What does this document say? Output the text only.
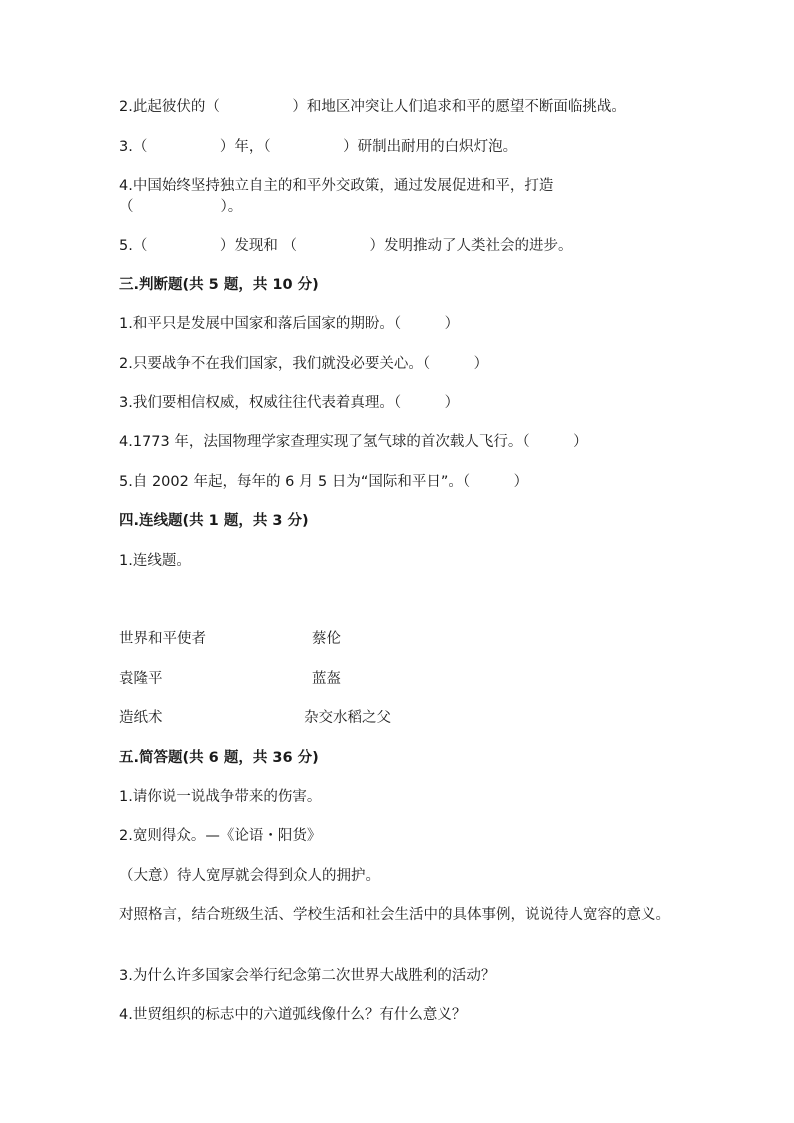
2.此起彼伏的（　　　　　）和地区冲突让人们追求和平的愿望不断面临挑战。
3.（　　　　　）年，（　　　　　）研制出耐用的白炽灯泡。
4.中国始终坚持独立自主的和平外交政策，通过发展促进和平，打造
（　　　　　　）。
5.（　　　　　）发现和 （　　　　　）发明推动了人类社会的进步。
三.判断题(共 5 题，共 10 分)
1.和平只是发展中国家和落后国家的期盼。（　　　）
2.只要战争不在我们国家，我们就没必要关心。（　　　）
3.我们要相信权威，权威往往代表着真理。（　　　）
4.1773 年，法国物理学家查理实现了氢气球的首次载人飞行。（　　　）
5.自 2002 年起，每年的 6 月 5 日为“国际和平日”。（　　　）
四.连线题(共 1 题，共 3 分)
1.连线题。
世界和平使者	蔡伦
袁隆平	蓝盔
造纸术	杂交水稻之父
五.简答题(共 6 题，共 36 分)
1.请你说一说战争带来的伤害。
2.宽则得众。—《论语・阳货》
（大意）待人宽厚就会得到众人的拥护。
对照格言，结合班级生活、学校生活和社会生活中的具体事例，说说待人宽容的意义。
3.为什么许多国家会举行纪念第二次世界大战胜利的活动？
4.世贸组织的标志中的六道弧线像什么？有什么意义？
